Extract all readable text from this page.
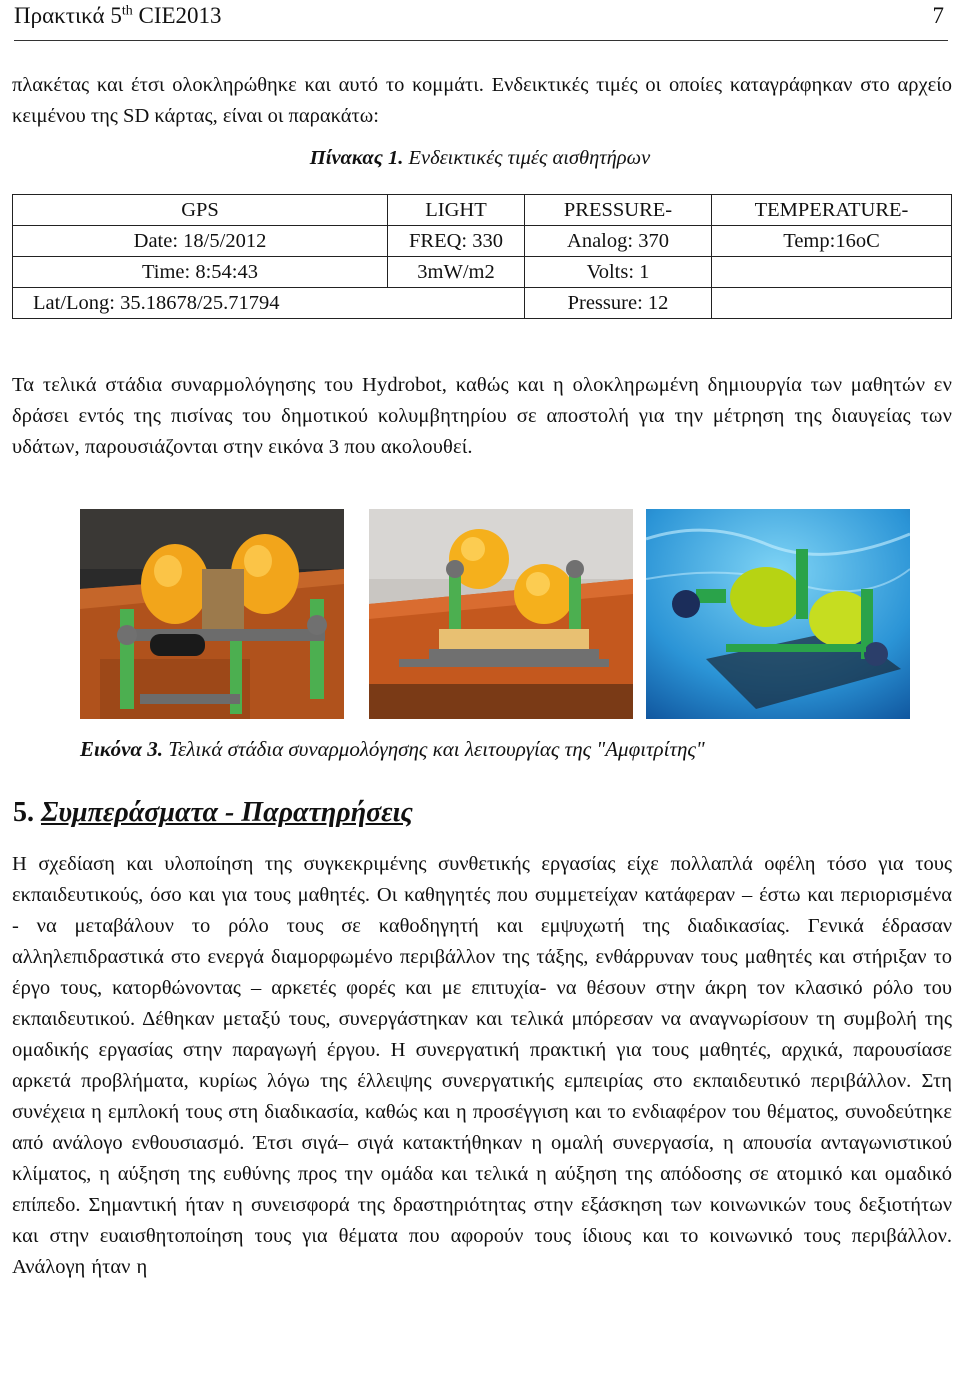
Πρακτικά 5th CIE2013	7

πλακέτας και έτσι ολοκληρώθηκε και αυτό το κομμάτι. Ενδεικτικές τιμές οι οποίες καταγράφηκαν στο αρχείο κειμένου της SD κάρτας, είναι οι παρακάτω:

Πίνακας 1. Ενδεικτικές τιμές αισθητήρων
GPS	LIGHT	PRESSURE-	TEMPERATURE-
Date: 18/5/2012	FREQ: 330	Analog: 370	Temp:16oC
Time: 8:54:43	3mW/m2	Volts: 1	
Lat/Long: 35.18678/25.71794		Pressure: 12	

Τα τελικά στάδια συναρμολόγησης του Hydrobot, καθώς και η ολοκληρωμένη δημιουργία των μαθητών εν δράσει εντός της πισίνας του δημοτικού κολυμβητηρίου σε αποστολή για την μέτρηση της διαυγείας των υδάτων, παρουσιάζονται στην εικόνα 3 που ακολουθεί.

Εικόνα 3. Τελικά στάδια συναρμολόγησης και λειτουργίας της "Αμφιτρίτης"
5. Συμπεράσματα - Παρατηρήσεις

Η σχεδίαση και υλοποίηση της συγκεκριμένης συνθετικής εργασίας είχε πολλαπλά οφέλη τόσο για τους εκπαιδευτικούς, όσο και για τους μαθητές. Οι καθηγητές που συμμετείχαν κατάφεραν – έστω και περιορισμένα - να μεταβάλουν το ρόλο τους σε καθοδηγητή και εμψυχωτή της διαδικασίας. Γενικά έδρασαν αλληλεπιδραστικά στο ενεργά διαμορφωμένο περιβάλλον της τάξης, ενθάρρυναν τους μαθητές και στήριξαν το έργο τους, κατορθώνοντας – αρκετές φορές και με επιτυχία- να θέσουν στην άκρη τον κλασικό ρόλο του εκπαιδευτικού. Δέθηκαν μεταξύ τους, συνεργάστηκαν και τελικά μπόρεσαν να αναγνωρίσουν τη συμβολή της ομαδικής εργασίας στην παραγωγή έργου. Η συνεργατική πρακτική για τους μαθητές, αρχικά, παρουσίασε αρκετά προβλήματα, κυρίως λόγω της έλλειψης συνεργατικής εμπειρίας στο εκπαιδευτικό περιβάλλον. Στη συνέχεια η εμπλοκή τους στη διαδικασία, καθώς και η προσέγγιση και το ενδιαφέρον του θέματος, συνοδεύτηκε από ανάλογο ενθουσιασμό. Έτσι σιγά– σιγά κατακτήθηκαν η ομαλή συνεργασία, η απουσία ανταγωνιστικού κλίματος, η αύξηση της ευθύνης προς την ομάδα και τελικά η αύξηση της απόδοσης σε ατομικό και ομαδικό επίπεδο. Σημαντική ήταν η συνεισφορά της δραστηριότητας στην εξάσκηση των κοινωνικών τους δεξιοτήτων και στην ευαισθητοποίηση τους για θέματα που αφορούν τους ίδιους και το κοινωνικό τους περιβάλλον. Ανάλογη ήταν η
